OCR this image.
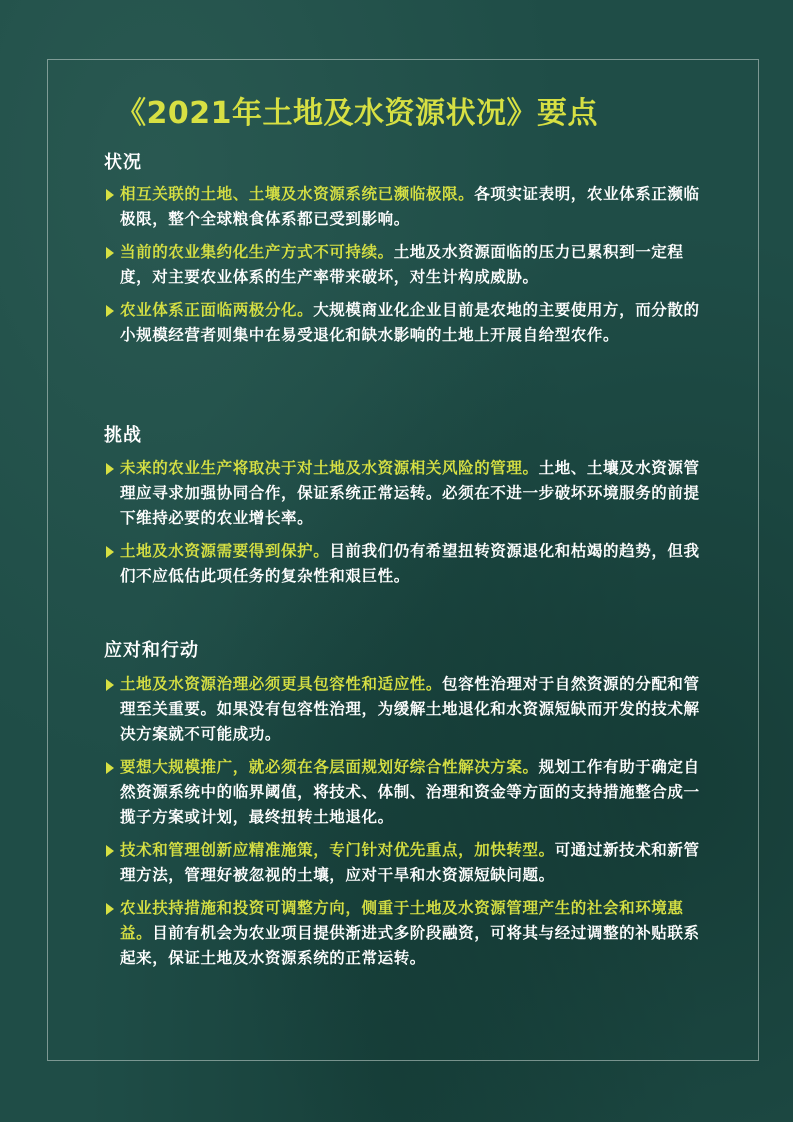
《2021年土地及水资源状况》要点
状况
相互关联的土地、土壤及水资源系统已濒临极限。各项实证表明，农业体系正濒临极限，整个全球粮食体系都已受到影响。
当前的农业集约化生产方式不可持续。土地及水资源面临的压力已累积到一定程度，对主要农业体系的生产率带来破坏，对生计构成威胁。
农业体系正面临两极分化。大规模商业化企业目前是农地的主要使用方，而分散的小规模经营者则集中在易受退化和缺水影响的土地上开展自给型农作。
挑战
未来的农业生产将取决于对土地及水资源相关风险的管理。土地、土壤及水资源管理应寻求加强协同合作，保证系统正常运转。必须在不进一步破坏环境服务的前提下维持必要的农业增长率。
土地及水资源需要得到保护。目前我们仍有希望扭转资源退化和枯竭的趋势，但我们不应低估此项任务的复杂性和艰巨性。
应对和行动
土地及水资源治理必须更具包容性和适应性。包容性治理对于自然资源的分配和管理至关重要。如果没有包容性治理，为缓解土地退化和水资源短缺而开发的技术解决方案就不可能成功。
要想大规模推广，就必须在各层面规划好综合性解决方案。规划工作有助于确定自然资源系统中的临界阈值，将技术、体制、治理和资金等方面的支持措施整合成一揽子方案或计划，最终扭转土地退化。
技术和管理创新应精准施策，专门针对优先重点，加快转型。可通过新技术和新管理方法，管理好被忽视的土壤，应对干旱和水资源短缺问题。
农业扶持措施和投资可调整方向，侧重于土地及水资源管理产生的社会和环境惠益。目前有机会为农业项目提供渐进式多阶段融资，可将其与经过调整的补贴联系起来，保证土地及水资源系统的正常运转。
